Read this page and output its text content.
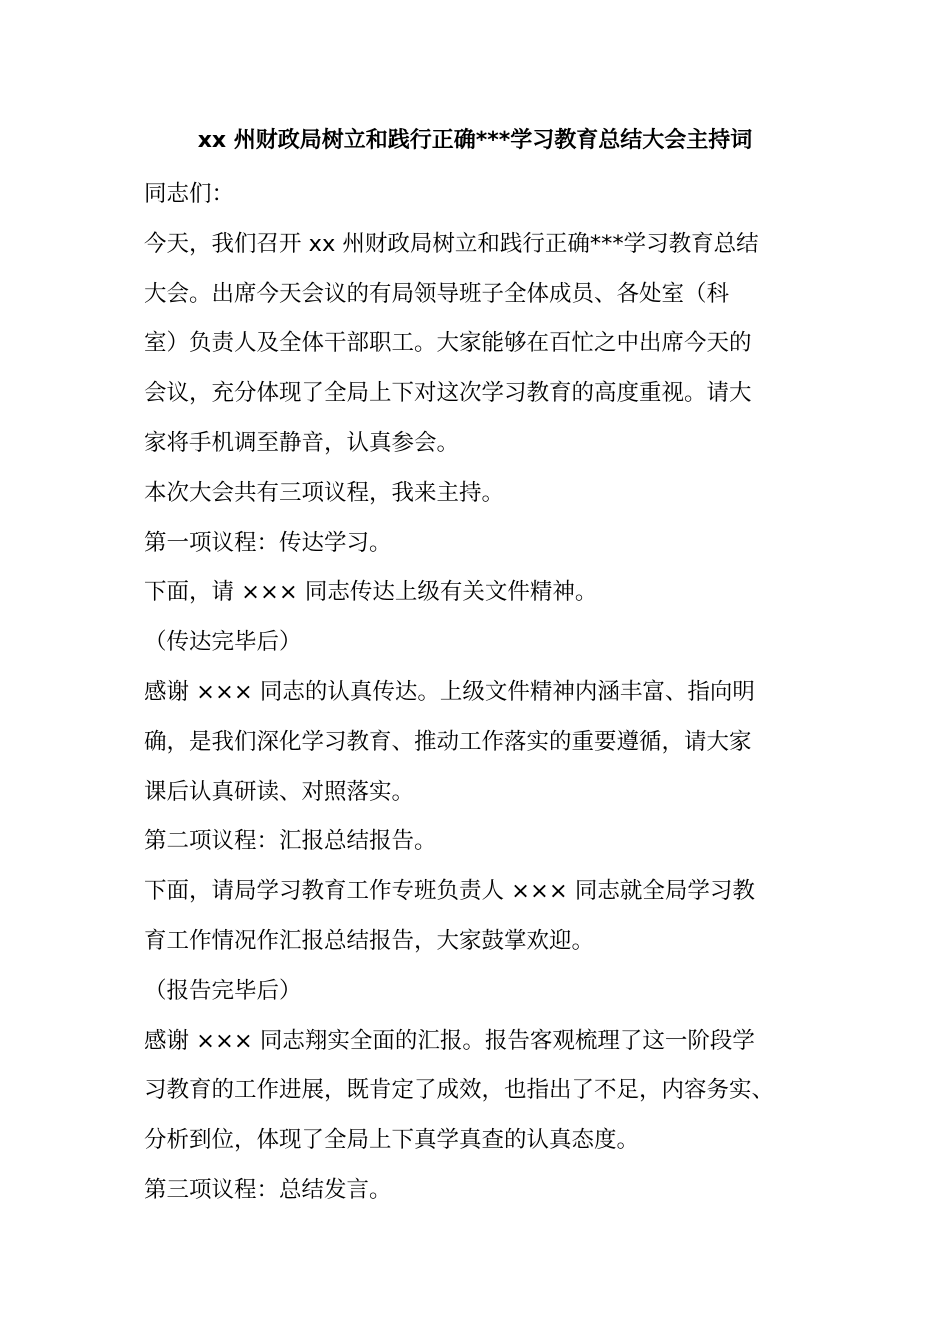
xx 州财政局树立和践行正确***学习教育总结大会主持词
同志们：
今天，我们召开 xx 州财政局树立和践行正确***学习教育总结
大会。出席今天会议的有局领导班子全体成员、各处室（科
室）负责人及全体干部职工。大家能够在百忙之中出席今天的
会议，充分体现了全局上下对这次学习教育的高度重视。请大
家将手机调至静音，认真参会。
本次大会共有三项议程，我来主持。
第一项议程：传达学习。
下面，请 ××× 同志传达上级有关文件精神。
（传达完毕后）
感谢 ××× 同志的认真传达。上级文件精神内涵丰富、指向明
确，是我们深化学习教育、推动工作落实的重要遵循，请大家
课后认真研读、对照落实。
第二项议程：汇报总结报告。
下面，请局学习教育工作专班负责人 ××× 同志就全局学习教
育工作情况作汇报总结报告，大家鼓掌欢迎。
（报告完毕后）
感谢 ××× 同志翔实全面的汇报。报告客观梳理了这一阶段学
习教育的工作进展，既肯定了成效，也指出了不足，内容务实、
分析到位，体现了全局上下真学真查的认真态度。
第三项议程：总结发言。
